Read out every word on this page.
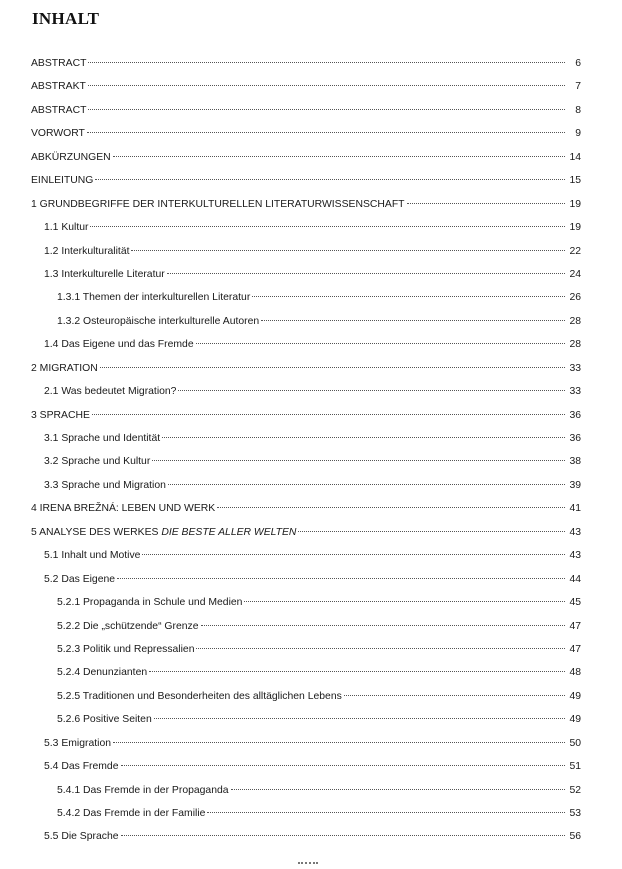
INHALT
ABSTRACT	6
ABSTRAKT	7
ABSTRACT	8
VORWORT	9
ABKÜRZUNGEN	14
EINLEITUNG	15
1 GRUNDBEGRIFFE DER INTERKULTURELLEN LITERATURWISSENSCHAFT	19
1.1 Kultur	19
1.2 Interkulturalität	22
1.3 Interkulturelle Literatur	24
1.3.1 Themen der interkulturellen Literatur	26
1.3.2 Osteuropäische interkulturelle Autoren	28
1.4 Das Eigene und das Fremde	28
2 MIGRATION	33
2.1 Was bedeutet Migration?	33
3 SPRACHE	36
3.1 Sprache und Identität	36
3.2 Sprache und Kultur	38
3.3 Sprache und Migration	39
4 IRENA BREŽNÁ: LEBEN UND WERK	41
5 ANALYSE DES WERKES DIE BESTE ALLER WELTEN	43
5.1 Inhalt und Motive	43
5.2 Das Eigene	44
5.2.1 Propaganda in Schule und Medien	45
5.2.2 Die „schützende“ Grenze	47
5.2.3 Politik und Repressalien	47
5.2.4 Denunzianten	48
5.2.5 Traditionen und Besonderheiten des alltäglichen Lebens	49
5.2.6 Positive Seiten	49
5.3 Emigration	50
5.4 Das Fremde	51
5.4.1 Das Fremde in der Propaganda	52
5.4.2 Das Fremde in der Familie	53
5.5 Die Sprache	56
